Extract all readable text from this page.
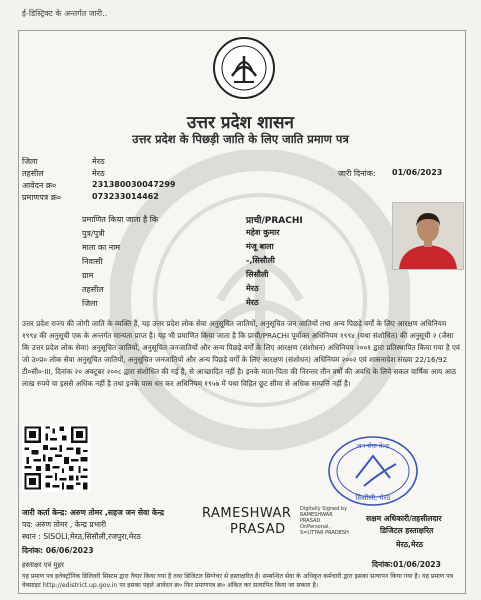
ई-डिस्ट्रिक्ट के अन्तर्गत जारी..
उत्तर प्रदेश शासन
उत्तर प्रदेश के पिछड़ी जाति के लिए जाति प्रमाण पत्र
जिला	मेरठ
तहसील	मेरठ
आवेदन क्र०	231380030047299
प्रमाणपत्र क्र०	073233014462
जारी दिनांक: 01/06/2023
प्रमाणित किया जाता है कि	प्राची/PRACHI
पुत्र/पुत्री	महेश कुमार
माता का नाम	मंजू बाला
निवासी	-,सिसौली
ग्राम	सिसौली
तहसील	मेरठ
जिला	मेरठ
उत्तर प्रदेश राज्य की जोगी जाति के व्यक्ति हैं, यह उत्तर प्रदेश लोक सेवा अनुसूचित जातियों, अनुसूचित जन जातियों तथा अन्य पिछड़े वर्गों के लिए आरक्षण अधिनियम १९९४ की अनुसूची एक के अन्तर्गत मान्यता प्राप्त है। यह भी प्रमाणित किया जाता है कि प्राची/PRACHI पूर्वोक्त अधिनियम १९९४ (यथा संशोधित) की अनुसूची २ (जैसा कि उत्तर प्रदेश लोक सेवा) अनुसूचित जातियों, अनुसूचित जनजातियों और अन्य पिछड़े वर्गों के लिए आरक्षण (संशोधन) अधिनियम २००१ द्वारा प्रतिस्थापित किया गया है एवं जो उ०प्र० लोक सेवा अनुसूचित जातियों, अनुसूचित जनजातियों और अन्य पिछड़े वर्गों के लिए आरक्षण (संशोधन) अधिनियम २००२ एवं शासनादेश संख्या 22/16/92 टी०सी०-III, दिनांक २० अक्टूबर २००८ द्वारा संशोधित की गई है, से आच्छादित नहीं है। इनके माता-पिता की निरन्तर तीन वर्षों की अवधि के लिये सकल वार्षिक आय आठ लाख रुपये या इससे अधिक नहीं है तथा इनके पास धन कर अधिनियम १९५७ में यथा विहित छूट सीमा से अधिक सम्पत्ति नहीं है।
जन सेवा केन्द्र
सिसौली, मेरठ
जारी कर्ता केन्द्र: अरुण तोमर ,सहज जन सेवा केन्द्र
पद: अरुण तोमर , केन्द्र प्रभारी
स्थान : SISOLI,मेरठ,सिसौली,रजपुरा,मेरठ
दिनांक: 06/06/2023
हस्ताक्षर एवं मुहर
RAMESHWAR
PRASAD
Digitally Signed by RAMESHWAR PRASAD OnPersonal, S=UTTAR PRADESH
सक्षम अधिकारी/तहसीलदार
डिजिटल हस्ताक्षरित
मेरठ,मेरठ
दिनांक:01/06/2023
यह प्रमाण पत्र इलेक्ट्रॉनिक डिलिवरी सिस्टम द्वारा तैयार किया गया है तथा डिजिटल सिग्नेचर से हस्ताक्षरित है। सम्बन्धित सेवा के अधिकृत कर्मचारी द्वारा इसका सत्यापन किया गया है। यह प्रमाण पत्र वेबसाइट http://edistrict.up.gov.in पर इसका पहले आवेदन क्र० फिर प्रमाणपत्र क्र० अंकित कर सत्यापित किया जा सकता है।
